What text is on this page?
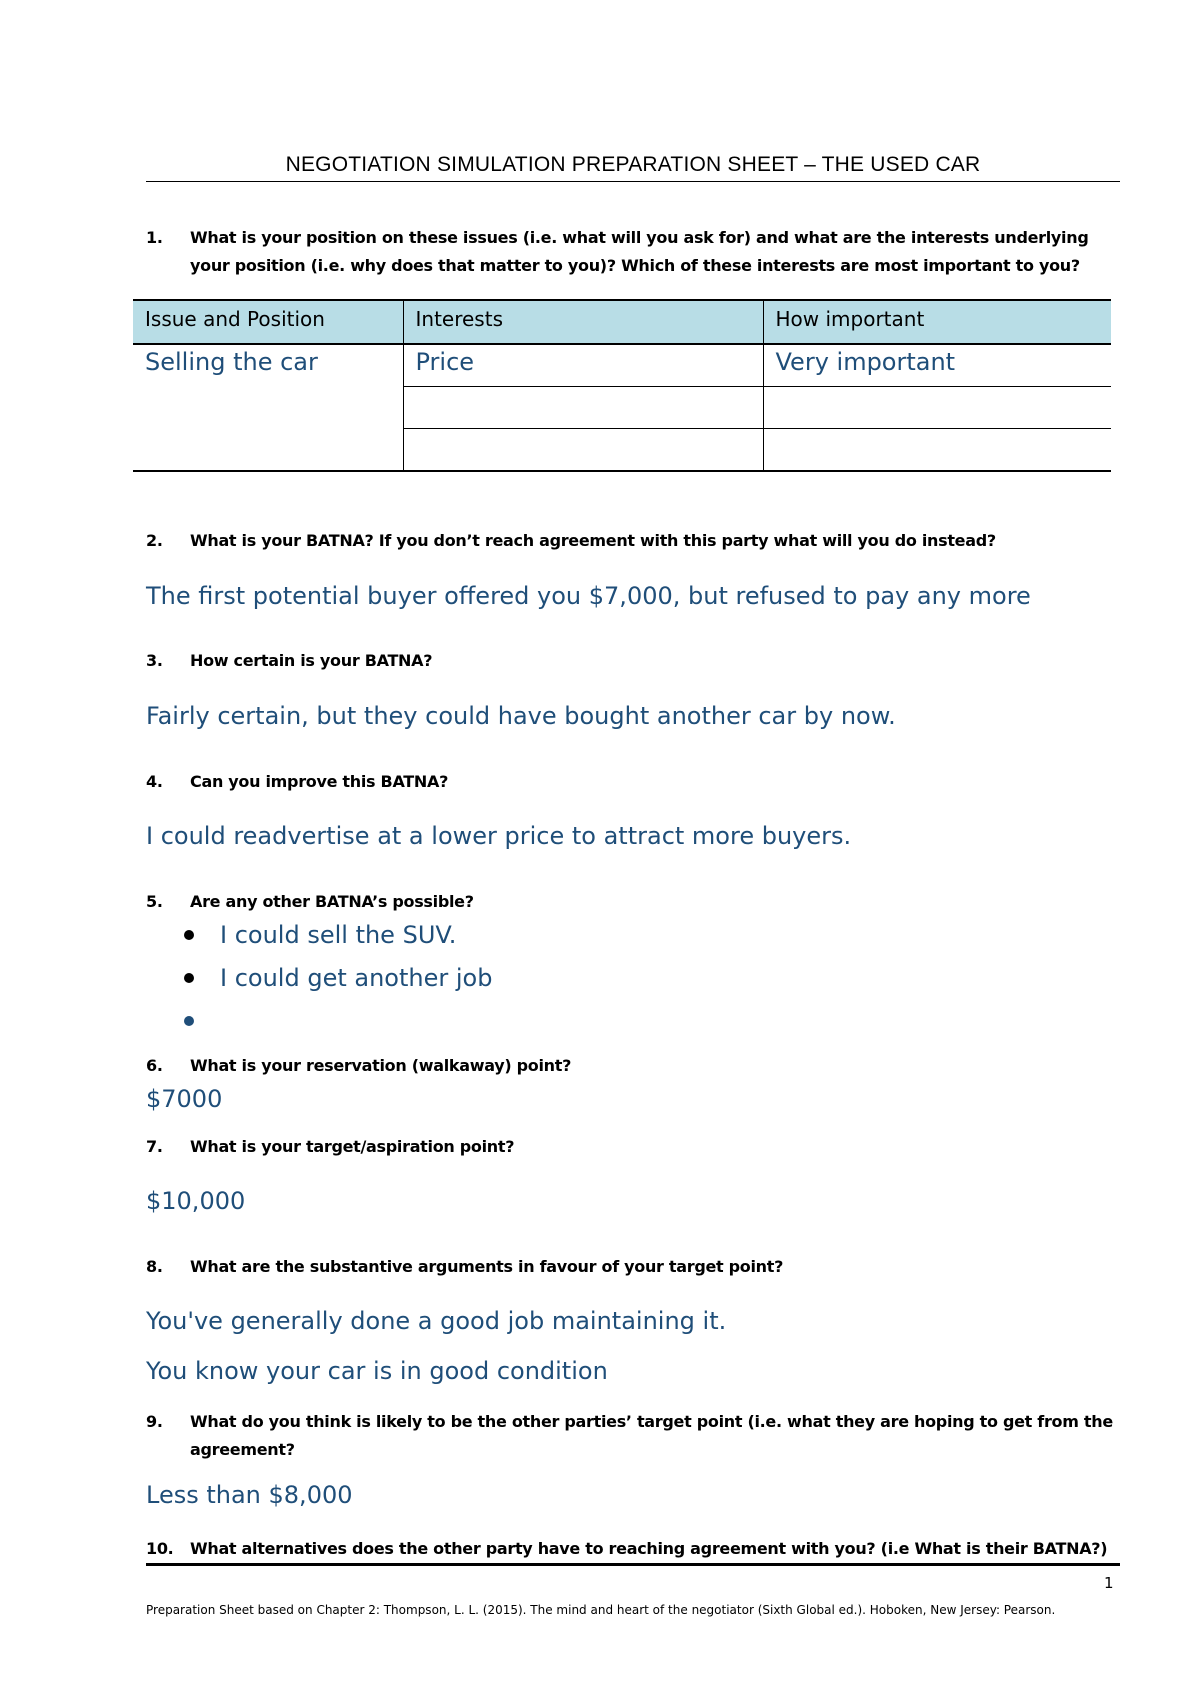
NEGOTIATION SIMULATION PREPARATION SHEET – THE USED CAR
1.	What is your position on these issues (i.e. what will you ask for) and what are the interests underlying your position (i.e. why does that matter to you)? Which of these interests are most important to you?
Issue and Position	Interests	How important
Selling the car	Price	Very important

2.	What is your BATNA? If you don’t reach agreement with this party what will you do instead?
The first potential buyer offered you $7,000, but refused to pay any more
3.	How certain is your BATNA?
Fairly certain, but they could have bought another car by now.
4.	Can you improve this BATNA?
I could readvertise at a lower price to attract more buyers.
5.	Are any other BATNA’s possible?
I could sell the SUV.
I could get another job
6.	What is your reservation (walkaway) point?
$7000
7.	What is your target/aspiration point?
$10,000
8.	What are the substantive arguments in favour of your target point?
You've generally done a good job maintaining it.
You know your car is in good condition
9.	What do you think is likely to be the other parties’ target point (i.e. what they are hoping to get from the agreement?
Less than $8,000
10.	What alternatives does the other party have to reaching agreement with you? (i.e What is their BATNA?)
1
Preparation Sheet based on Chapter 2: Thompson, L. L. (2015). The mind and heart of the negotiator (Sixth Global ed.). Hoboken, New Jersey: Pearson.
